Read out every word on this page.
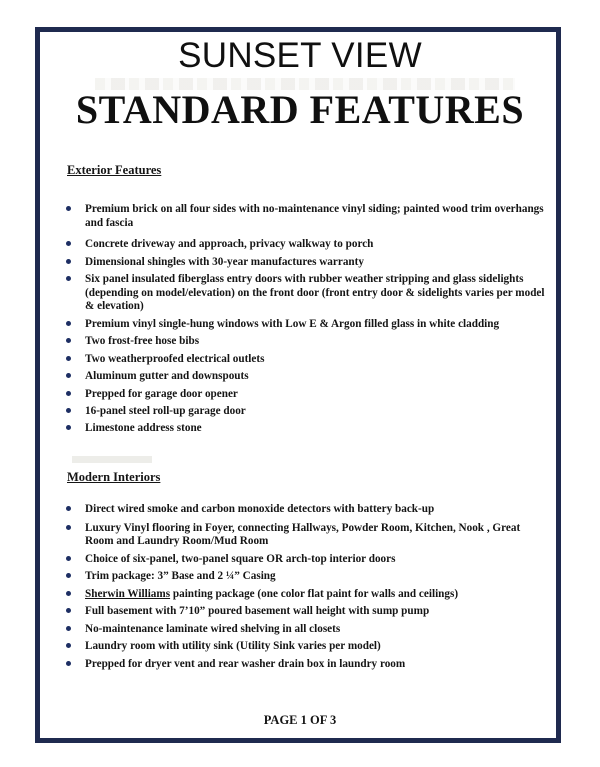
SUNSET VIEW
STANDARD FEATURES
Exterior Features
Premium brick on all four sides with no-maintenance vinyl siding; painted wood trim overhangs and fascia
Concrete driveway and approach, privacy walkway to porch
Dimensional shingles with 30-year manufactures warranty
Six panel insulated fiberglass entry doors with rubber weather stripping and glass sidelights (depending on model/elevation) on the front door (front entry door & sidelights varies per model & elevation)
Premium vinyl single-hung windows with Low E & Argon filled glass in white cladding
Two frost-free hose bibs
Two weatherproofed electrical outlets
Aluminum gutter and downspouts
Prepped for garage door opener
16-panel steel roll-up garage door
Limestone address stone
Modern Interiors
Direct wired smoke and carbon monoxide detectors with battery back-up
Luxury Vinyl flooring in Foyer, connecting Hallways, Powder Room, Kitchen, Nook , Great Room and Laundry Room/Mud Room
Choice of six-panel, two-panel square OR arch-top interior doors
Trim package: 3” Base and 2 ¼” Casing
Sherwin Williams painting package (one color flat paint for walls and ceilings)
Full basement with 7’10” poured basement wall height with sump pump
No-maintenance laminate wired shelving in all closets
Laundry room with utility sink (Utility Sink varies per model)
Prepped for dryer vent and rear washer drain box in laundry room
PAGE 1 OF 3
